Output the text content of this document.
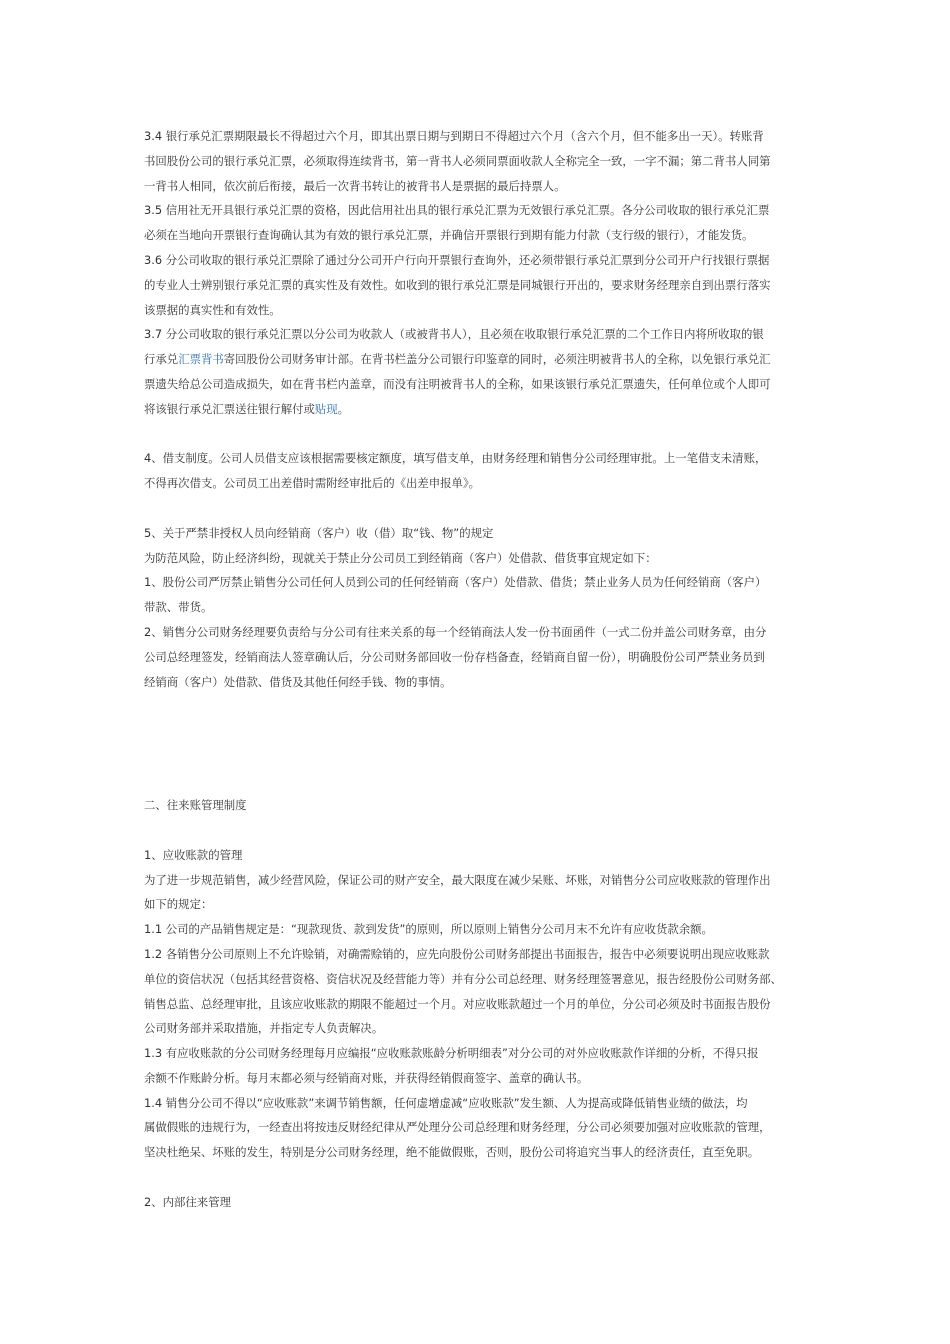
3.4 银行承兑汇票期限最长不得超过六个月，即其出票日期与到期日不得超过六个月（含六个月，但不能多出一天）。转账背
书回股份公司的银行承兑汇票，必须取得连续背书，第一背书人必须同票面收款人全称完全一致，一字不漏；第二背书人同第
一背书人相同，依次前后衔接，最后一次背书转让的被背书人是票据的最后持票人。
3.5 信用社无开具银行承兑汇票的资格，因此信用社出具的银行承兑汇票为无效银行承兑汇票。各分公司收取的银行承兑汇票
必须在当地向开票银行查询确认其为有效的银行承兑汇票，并确信开票银行到期有能力付款（支行级的银行），才能发货。
3.6 分公司收取的银行承兑汇票除了通过分公司开户行向开票银行查询外，还必须带银行承兑汇票到分公司开户行找银行票据
的专业人士辨别银行承兑汇票的真实性及有效性。如收到的银行承兑汇票是同城银行开出的，要求财务经理亲自到出票行落实
该票据的真实性和有效性。
3.7 分公司收取的银行承兑汇票以分公司为收款人（或被背书人），且必须在收取银行承兑汇票的二个工作日内将所收取的银
行承兑汇票背书寄回股份公司财务审计部。在背书栏盖分公司银行印鉴章的同时，必须注明被背书人的全称，以免银行承兑汇
票遗失给总公司造成损失，如在背书栏内盖章，而没有注明被背书人的全称，如果该银行承兑汇票遗失，任何单位或个人即可
将该银行承兑汇票送往银行解付或贴现。
4、借支制度。公司人员借支应该根据需要核定额度，填写借支单，由财务经理和销售分公司经理审批。上一笔借支未清账，
不得再次借支。公司员工出差借时需附经审批后的《出差申报单》。
5、关于严禁非授权人员向经销商（客户）收（借）取“钱、物”的规定
为防范风险，防止经济纠纷，现就关于禁止分公司员工到经销商（客户）处借款、借货事宜规定如下：
1、股份公司严厉禁止销售分公司任何人员到公司的任何经销商（客户）处借款、借货；禁止业务人员为任何经销商（客户）
带款、带货。
2、销售分公司财务经理要负责给与分公司有往来关系的每一个经销商法人发一份书面函件（一式二份并盖公司财务章，由分
公司总经理签发，经销商法人签章确认后，分公司财务部回收一份存档备查，经销商自留一份），明确股份公司严禁业务员到
经销商（客户）处借款、借货及其他任何经手钱、物的事情。
二、往来账管理制度
1、应收账款的管理
为了进一步规范销售，减少经营风险，保证公司的财产安全，最大限度在减少呆账、坏账，对销售分公司应收账款的管理作出
如下的规定：
1.1 公司的产品销售规定是：“现款现货、款到发货”的原则，所以原则上销售分公司月末不允许有应收货款余额。
1.2 各销售分公司原则上不允许赊销，对确需赊销的，应先向股份公司财务部提出书面报告，报告中必须要说明出现应收账款
单位的资信状况（包括其经营资格、资信状况及经营能力等）并有分公司总经理、财务经理签署意见，报告经股份公司财务部、
销售总监、总经理审批，且该应收账款的期限不能超过一个月。对应收账款超过一个月的单位，分公司必须及时书面报告股份
公司财务部并采取措施，并指定专人负责解决。
1.3 有应收账款的分公司财务经理每月应编报“应收账款账龄分析明细表”对分公司的对外应收账款作详细的分析，不得只报
余额不作账龄分析。每月末都必须与经销商对账，并获得经销假商签字、盖章的确认书。
1.4 销售分公司不得以“应收账款”来调节销售额，任何虚增虚减“应收账款”发生额、人为提高或降低销售业绩的做法，均
属做假账的违规行为，一经查出将按违反财经纪律从严处理分公司总经理和财务经理，分公司必须要加强对应收账款的管理，
坚决杜绝呆、坏账的发生，特别是分公司财务经理，绝不能做假账，否则，股份公司将追究当事人的经济责任，直至免职。
2、内部往来管理
